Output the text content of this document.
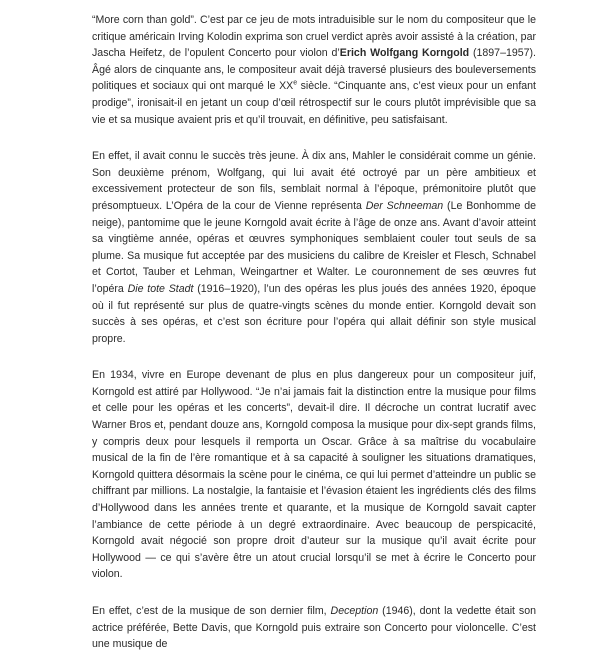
“More corn than gold”. C’est par ce jeu de mots intraduisible sur le nom du compositeur que le critique américain Irving Kolodin exprima son cruel verdict après avoir assisté à la création, par Jascha Heifetz, de l’opulent Concerto pour violon d’Erich Wolfgang Korngold (1897–1957). Âgé alors de cinquante ans, le compositeur avait déjà traversé plusieurs des bouleversements politiques et sociaux qui ont marqué le XXe siècle. “Cinquante ans, c’est vieux pour un enfant prodige”, ironisait-il en jetant un coup d’œil rétrospectif sur le cours plutôt imprévisible que sa vie et sa musique avaient pris et qu’il trouvait, en définitive, peu satisfaisant.

En effet, il avait connu le succès très jeune. À dix ans, Mahler le considérait comme un génie. Son deuxième prénom, Wolfgang, qui lui avait été octroyé par un père ambitieux et excessivement protecteur de son fils, semblait normal à l’époque, prémonitoire plutôt que présomptueux. L’Opéra de la cour de Vienne représenta Der Schneeman (Le Bonhomme de neige), pantomime que le jeune Korngold avait écrite à l’âge de onze ans. Avant d’avoir atteint sa vingtième année, opéras et œuvres symphoniques semblaient couler tout seuls de sa plume. Sa musique fut acceptée par des musiciens du calibre de Kreisler et Flesch, Schnabel et Cortot, Tauber et Lehman, Weingartner et Walter. Le couronnement de ses œuvres fut l’opéra Die tote Stadt (1916–1920), l’un des opéras les plus joués des années 1920, époque où il fut représenté sur plus de quatre-vingts scènes du monde entier. Korngold devait son succès à ses opéras, et c’est son écriture pour l’opéra qui allait définir son style musical propre.

En 1934, vivre en Europe devenant de plus en plus dangereux pour un compositeur juif, Korngold est attiré par Hollywood. “Je n’ai jamais fait la distinction entre la musique pour films et celle pour les opéras et les concerts”, devait-il dire. Il décroche un contrat lucratif avec Warner Bros et, pendant douze ans, Korngold composa la musique pour dix-sept grands films, y compris deux pour lesquels il remporta un Oscar. Grâce à sa maîtrise du vocabulaire musical de la fin de l’ère romantique et à sa capacité à souligner les situations dramatiques, Korngold quittera désormais la scène pour le cinéma, ce qui lui permet d’atteindre un public se chiffrant par millions. La nostalgie, la fantaisie et l’évasion étaient les ingrédients clés des films d’Hollywood dans les années trente et quarante, et la musique de Korngold savait capter l’ambiance de cette période à un degré extraordinaire. Avec beaucoup de perspicacité, Korngold avait négocié son propre droit d’auteur sur la musique qu’il avait écrite pour Hollywood — ce qui s’avère être un atout crucial lorsqu’il se met à écrire le Concerto pour violon.

En effet, c’est de la musique de son dernier film, Deception (1946), dont la vedette était son actrice préférée, Bette Davis, que Korngold puis extraire son Concerto pour violoncelle. C’est une musique de
